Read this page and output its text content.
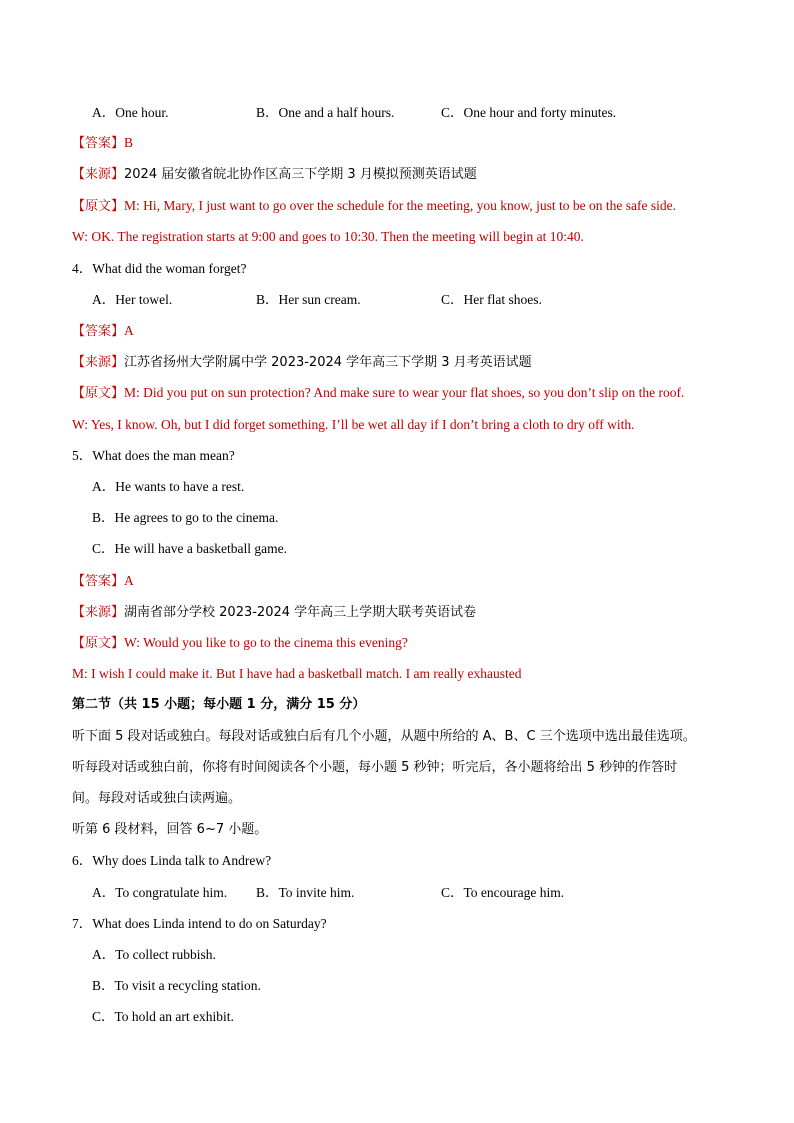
A．One hour.	B．One and a half hours.	C．One hour and forty minutes.
【答案】B
【来源】2024 届安徽省皖北协作区高三下学期 3 月模拟预测英语试题
【原文】M: Hi, Mary, I just want to go over the schedule for the meeting, you know, just to be on the safe side.
W: OK. The registration starts at 9:00 and goes to 10:30. Then the meeting will begin at 10:40.
4．What did the woman forget?
A．Her towel.	B．Her sun cream.	C．Her flat shoes.
【答案】A
【来源】江苏省扬州大学附属中学 2023-2024 学年高三下学期 3 月考英语试题
【原文】M: Did you put on sun protection? And make sure to wear your flat shoes, so you don’t slip on the roof.
W: Yes, I know. Oh, but I did forget something. I’ll be wet all day if I don’t bring a cloth to dry off with.
5．What does the man mean?
A．He wants to have a rest.
B．He agrees to go to the cinema.
C．He will have a basketball game.
【答案】A
【来源】湖南省部分学校 2023-2024 学年高三上学期大联考英语试卷
【原文】W: Would you like to go to the cinema this evening?
M: I wish I could make it. But I have had a basketball match. I am really exhausted
第二节（共 15 小题；每小题 1 分，满分 15 分）
听下面 5 段对话或独白。每段对话或独白后有几个小题，从题中所给的 A、B、C 三个选项中选出最佳选项。
听每段对话或独白前，你将有时间阅读各个小题，每小题 5 秒钟；听完后，各小题将给出 5 秒钟的作答时
间。每段对话或独白读两遍。
听第 6 段材料，回答 6~7 小题。
6．Why does Linda talk to Andrew?
A．To congratulate him. B．To invite him.	C．To encourage him.
7．What does Linda intend to do on Saturday?
A．To collect rubbish.
B．To visit a recycling station.
C．To hold an art exhibit.
